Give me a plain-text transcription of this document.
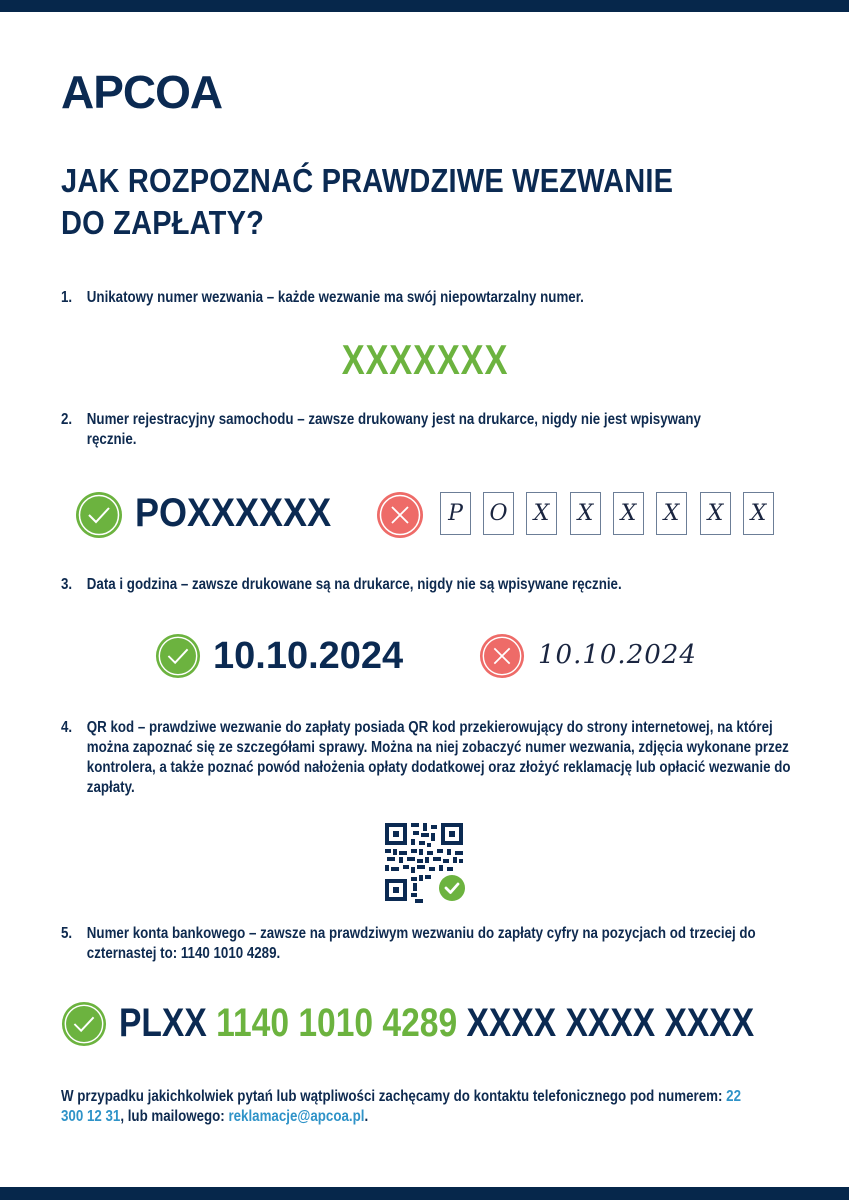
APCOA
JAK ROZPOZNAĆ PRAWDZIWE WEZWANIE
DO ZAPŁATY?
1. Unikatowy numer wezwania – każde wezwanie ma swój niepowtarzalny numer.
XXXXXXX
2. Numer rejestracyjny samochodu – zawsze drukowany jest na drukarce, nigdy nie jest wpisywany ręcznie.
POXXXXXX	P	O	X	X	X	X	X	X
3. Data i godzina – zawsze drukowane są na drukarce, nigdy nie są wpisywane ręcznie.
10.10.2024	10.10.2024
4. QR kod – prawdziwe wezwanie do zapłaty posiada QR kod przekierowujący do strony internetowej, na której można zapoznać się ze szczegółami sprawy. Można na niej zobaczyć numer wezwania, zdjęcia wykonane przez kontrolera, a także poznać powód nałożenia opłaty dodatkowej oraz złożyć reklamację lub opłacić wezwanie do zapłaty.
5. Numer konta bankowego – zawsze na prawdziwym wezwaniu do zapłaty cyfry na pozycjach od trzeciej do czternastej to: 1140 1010 4289.
PLXX 1140 1010 4289 XXXX XXXX XXXX
W przypadku jakichkolwiek pytań lub wątpliwości zachęcamy do kontaktu telefonicznego pod numerem: 22 300 12 31, lub mailowego: reklamacje@apcoa.pl.
